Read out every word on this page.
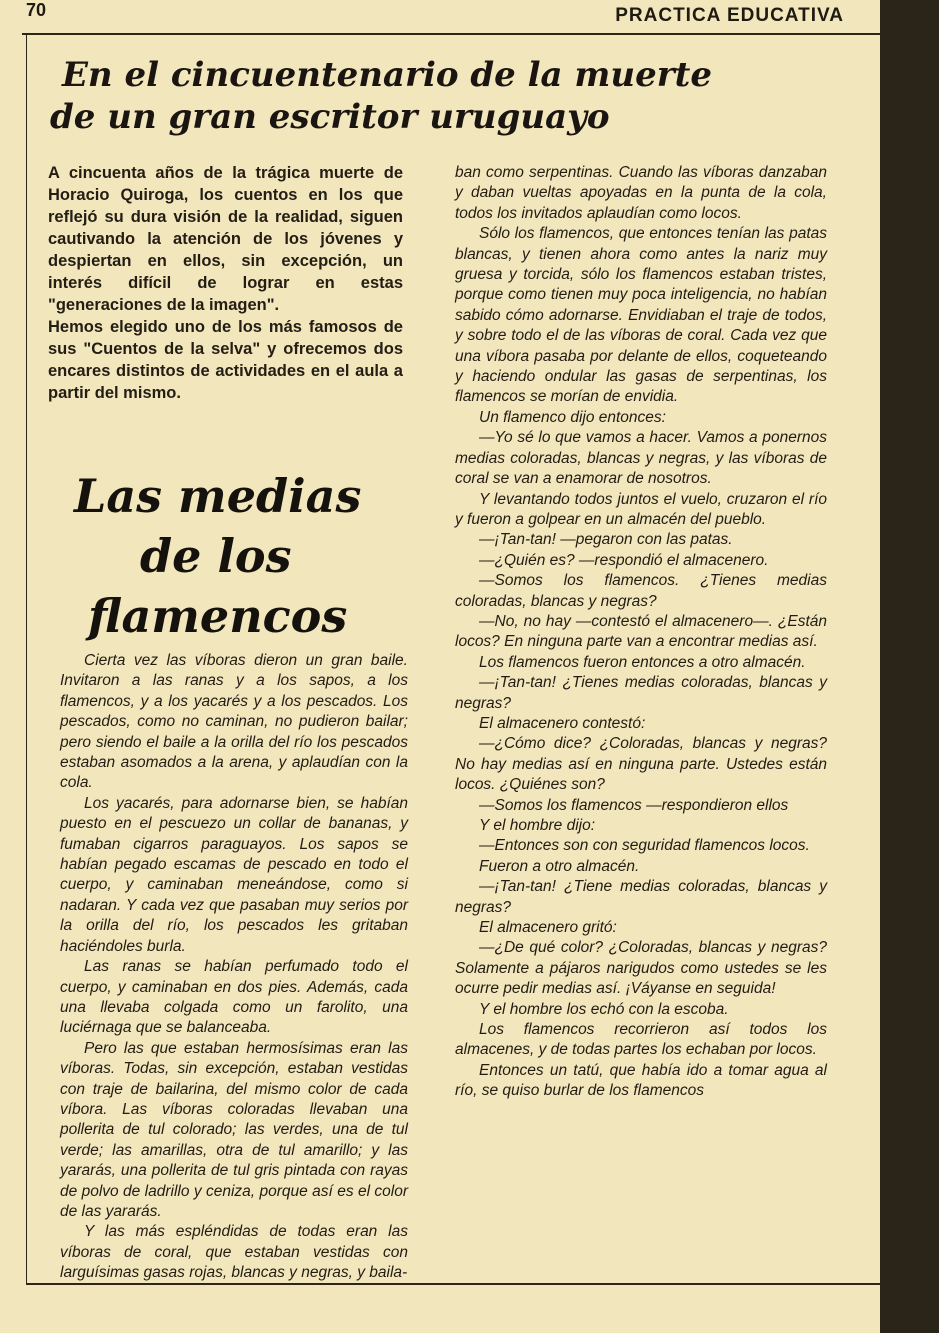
70	PRACTICA EDUCATIVA
En el cincuentenario de la muerte
de un gran escritor uruguayo

A cincuenta años de la trágica muerte de Horacio Quiroga, los cuentos en los que reflejó su dura visión de la realidad, siguen cautivando la atención de los jóvenes y despiertan en ellos, sin excepción, un interés difícil de lograr en estas "generaciones de la imagen".

Hemos elegido uno de los más famosos de sus "Cuentos de la selva" y ofrecemos dos encares distintos de actividades en el aula a partir del mismo.

Las medias
de los
flamencos

Cierta vez las víboras dieron un gran baile. Invitaron a las ranas y a los sapos, a los flamencos, y a los yacarés y a los pescados. Los pescados, como no caminan, no pudieron bailar; pero siendo el baile a la orilla del río los pescados estaban asomados a la arena, y aplaudían con la cola.

Los yacarés, para adornarse bien, se habían puesto en el pescuezo un collar de bananas, y fumaban cigarros paraguayos. Los sapos se habían pegado escamas de pescado en todo el cuerpo, y caminaban meneándose, como si nadaran. Y cada vez que pasaban muy serios por la orilla del río, los pescados les gritaban haciéndoles burla.

Las ranas se habían perfumado todo el cuerpo, y caminaban en dos pies. Además, cada una llevaba colgada como un farolito, una luciérnaga que se balanceaba.

Pero las que estaban hermosísimas eran las víboras. Todas, sin excepción, estaban vestidas con traje de bailarina, del mismo color de cada víbora. Las víboras coloradas llevaban una pollerita de tul colorado; las verdes, una de tul verde; las amarillas, otra de tul amarillo; y las yararás, una pollerita de tul gris pintada con rayas de polvo de ladrillo y ceniza, porque así es el color de las yararás.

Y las más espléndidas de todas eran las víboras de coral, que estaban vestidas con larguísimas gasas rojas, blancas y negras, y baila-

ban como serpentinas. Cuando las víboras danzaban y daban vueltas apoyadas en la punta de la cola, todos los invitados aplaudían como locos.

Sólo los flamencos, que entonces tenían las patas blancas, y tienen ahora como antes la nariz muy gruesa y torcida, sólo los flamencos estaban tristes, porque como tienen muy poca inteligencia, no habían sabido cómo adornarse. Envidiaban el traje de todos, y sobre todo el de las víboras de coral. Cada vez que una víbora pasaba por delante de ellos, coqueteando y haciendo ondular las gasas de serpentinas, los flamencos se morían de envidia.

Un flamenco dijo entonces:

—Yo sé lo que vamos a hacer. Vamos a ponernos medias coloradas, blancas y negras, y las víboras de coral se van a enamorar de nosotros.

Y levantando todos juntos el vuelo, cruzaron el río y fueron a golpear en un almacén del pueblo.

—¡Tan-tan! —pegaron con las patas.

—¿Quién es? —respondió el almacenero.

—Somos los flamencos. ¿Tienes medias coloradas, blancas y negras?

—No, no hay —contestó el almacenero—. ¿Están locos? En ninguna parte van a encontrar medias así.

Los flamencos fueron entonces a otro almacén.

—¡Tan-tan! ¿Tienes medias coloradas, blancas y negras?

El almacenero contestó:

—¿Cómo dice? ¿Coloradas, blancas y negras? No hay medias así en ninguna parte. Ustedes están locos. ¿Quiénes son?

—Somos los flamencos —respondieron ellos

Y el hombre dijo:

—Entonces son con seguridad flamencos locos.

Fueron a otro almacén.

—¡Tan-tan! ¿Tiene medias coloradas, blancas y negras?

El almacenero gritó:

—¿De qué color? ¿Coloradas, blancas y negras? Solamente a pájaros narigudos como ustedes se les ocurre pedir medias así. ¡Váyanse en seguida!

Y el hombre los echó con la escoba.

Los flamencos recorrieron así todos los almacenes, y de todas partes los echaban por locos.

Entonces un tatú, que había ido a tomar agua al río, se quiso burlar de los flamencos
